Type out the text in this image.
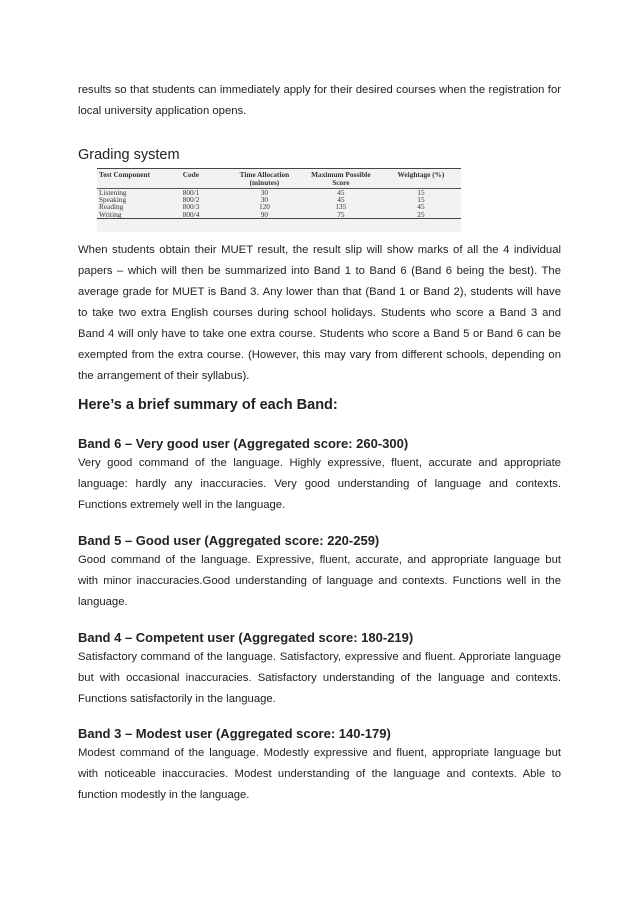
results so that students can immediately apply for their desired courses when the registration for local university application opens.

Grading system
Test Component	Code	Time Allocation (minutes)	Maximum Possible Score	Weightage (%)
Listening	800/1	30	45	15
Speaking	800/2	30	45	15
Reading	800/3	120	135	45
Writing	800/4	90	75	25

When students obtain their MUET result, the result slip will show marks of all the 4 individual papers – which will then be summarized into Band 1 to Band 6 (Band 6 being the best). The average grade for MUET is Band 3. Any lower than that (Band 1 or Band 2), students will have to take two extra English courses during school holidays. Students who score a Band 3 and Band 4 will only have to take one extra course. Students who score a Band 5 or Band 6 can be exempted from the extra course. (However, this may vary from different schools, depending on the arrangement of their syllabus).

Here’s a brief summary of each Band:
Band 6 – Very good user (Aggregated score: 260-300)

Very good command of the language. Highly expressive, fluent, accurate and appropriate language: hardly any inaccuracies. Very good understanding of language and contexts. Functions extremely well in the language.

Band 5 – Good user (Aggregated score: 220-259)

Good command of the language. Expressive, fluent, accurate, and appropriate language but with minor inaccuracies.Good understanding of language and contexts. Functions well in the language.

Band 4 – Competent user (Aggregated score: 180-219)

Satisfactory command of the language. Satisfactory, expressive and fluent. Approriate language but with occasional inaccuracies. Satisfactory understanding of the language and contexts. Functions satisfactorily in the language.

Band 3 – Modest user (Aggregated score: 140-179)

Modest command of the language. Modestly expressive and fluent, appropriate language but with noticeable inaccuracies. Modest understanding of the language and contexts. Able to function modestly in the language.
